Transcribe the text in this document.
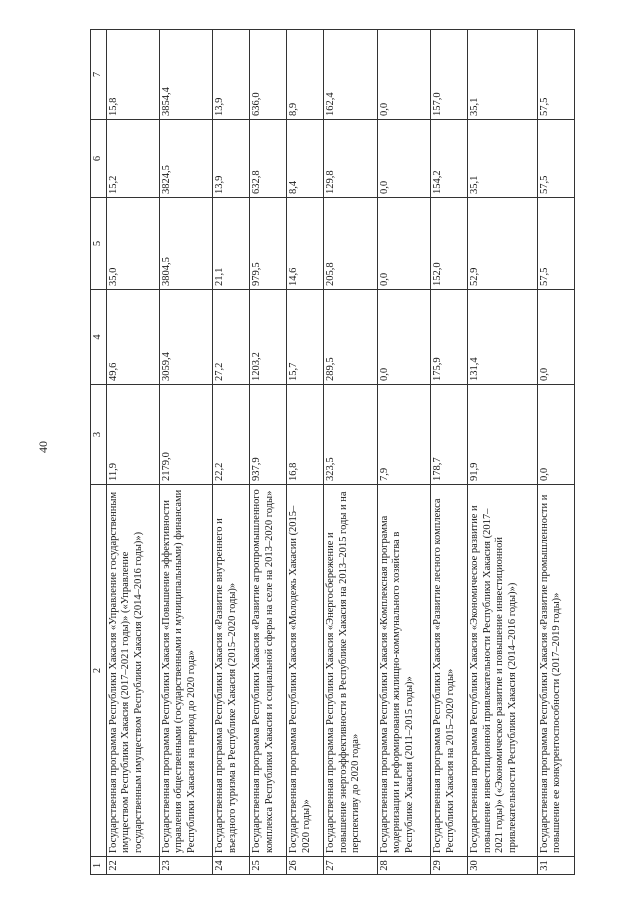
40
1	2	3	4	5	6	7
22	Государственная программа Республики Хакасия «Управление государственным имуществом Республики Хакасия (2017–2021 годы)» («Управление государственным имуществом Республики Хакасия (2014–2016 годы)»)	11,9	49,6	35,0	15,2	15,8
23	Государственная программа Республики Хакасия «Повышение эффективности управления общественными (государственными и муниципальными) финансами Республики Хакасия на период до 2020 года»	2179,0	3059,4	3804,5	3824,5	3854,4
24	Государственная программа Республики Хакасия «Развитие внутреннего и въездного туризма в Республике Хакасия (2015–2020 годы)»	22,2	27,2	21,1	13,9	13,9
25	Государственная программа Республики Хакасия «Развитие агропромышленного комплекса Республики Хакасия и социальной сферы на селе на 2013–2020 годы»	937,9	1203,2	979,5	632,8	636,0
26	Государственная программа Республики Хакасия «Молодежь Хакасии (2015–2020 годы)»	16,8	15,7	14,6	8,4	8,9
27	Государственная программа Республики Хакасия «Энергосбережение и повышение энергоэффективности в Республике Хакасия на 2013–2015 годы и на перспективу до 2020 года»	323,5	289,5	205,8	129,8	162,4
28	Государственная программа Республики Хакасия «Комплексная программа модернизации и реформирования жилищно-коммунального хозяйства в Республике Хакасия (2011–2015 годы)»	7,9	0,0	0,0	0,0	0,0
29	Государственная программа Республики Хакасия «Развитие лесного комплекса Республики Хакасия на 2015–2020 годы»	178,7	175,9	152,0	154,2	157,0
30	Государственная программа Республики Хакасия «Экономическое развитие и повышение инвестиционной привлекательности Республики Хакасия (2017–2021 годы)» («Экономическое развитие и повышение инвестиционной привлекательности Республики Хакасия (2014–2016 годы)»)	91,9	131,4	52,9	35,1	35,1
31	Государственная программа Республики Хакасия «Развитие промышленности и повышение ее конкурентоспособности (2017–2019 годы)»	0,0	0,0	57,5	57,5	57,5
